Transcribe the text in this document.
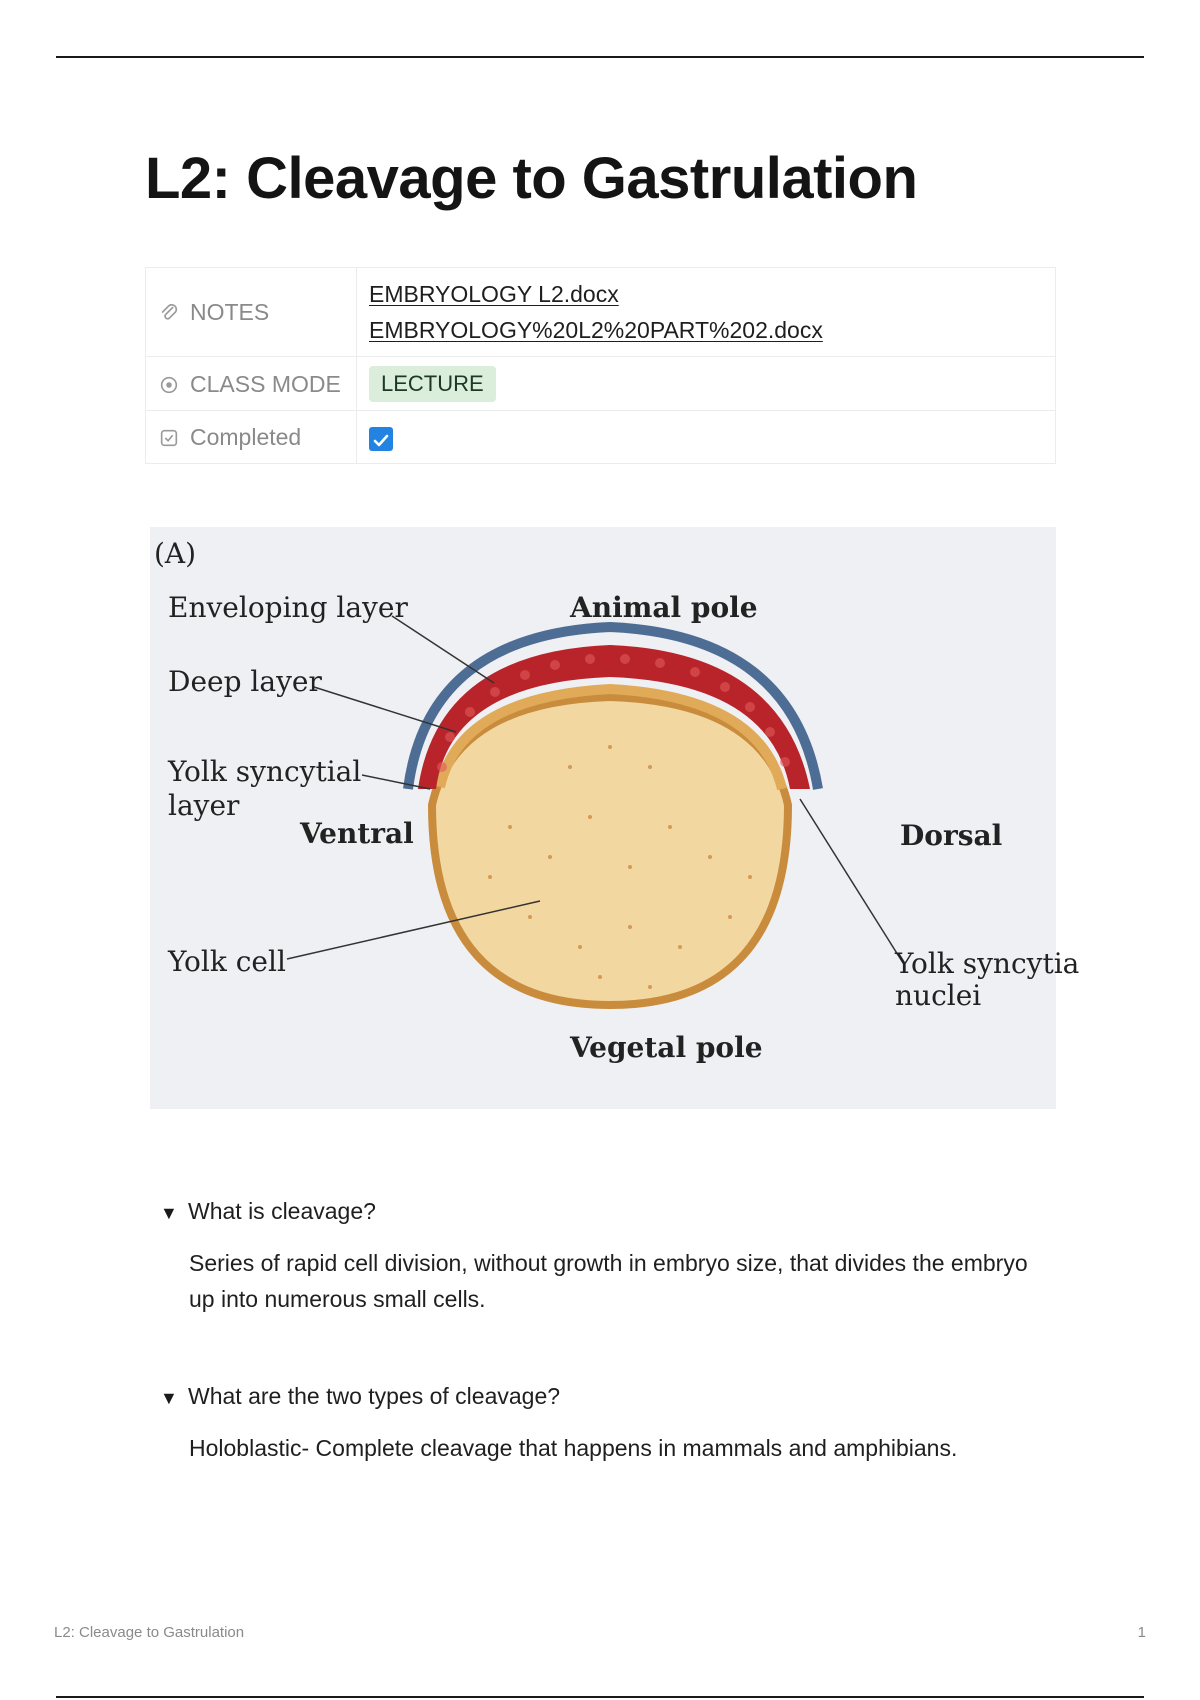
L2: Cleavage to Gastrulation
NOTES	EMBRYOLOGY L2.docx
EMBRYOLOGY%20L2%20PART%202.docx
CLASS MODE	LECTURE
Completed	
(A)
Enveloping layer
Deep layer
Yolk syncytial
layer
Ventral
Yolk cell
Animal pole
Dorsal
Yolk syncytia
nuclei
Vegetal pole
▼ What is cleavage?
Series of rapid cell division, without growth in embryo size, that divides the embryo up into numerous small cells.
▼ What are the two types of cleavage?
Holoblastic- Complete cleavage that happens in mammals and amphibians.
L2: Cleavage to Gastrulation	1
